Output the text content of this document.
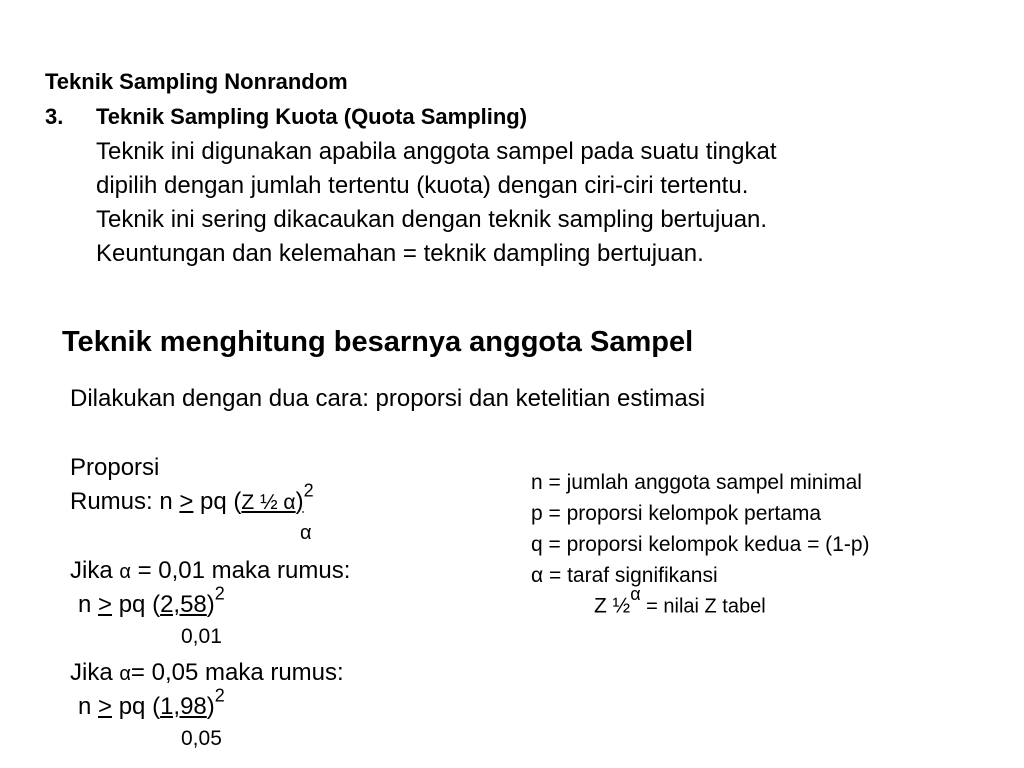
Teknik Sampling Nonrandom
3. Teknik Sampling Kuota (Quota Sampling)
Teknik ini digunakan apabila anggota sampel pada suatu tingkat
dipilih dengan jumlah tertentu (kuota) dengan ciri-ciri tertentu.
Teknik ini sering dikacaukan dengan teknik sampling bertujuan.
Keuntungan dan kelemahan = teknik dampling bertujuan.
Teknik menghitung besarnya anggota Sampel
Dilakukan dengan dua cara: proporsi dan ketelitian estimasi
Proporsi
Rumus: n > pq (Z ½ α)$^2$
α
Jika α = 0,01 maka rumus:
n > pq $(2,58)^2$
0,01
Jika α= 0,05 maka rumus:
n > pq $(1,98)^2$
0,05
n = jumlah anggota sampel minimal
p = proporsi kelompok pertama
q = proporsi kelompok kedua = (1-p)
α = taraf signifikansi
Z ½$^\alpha$ = nilai Z tabel
